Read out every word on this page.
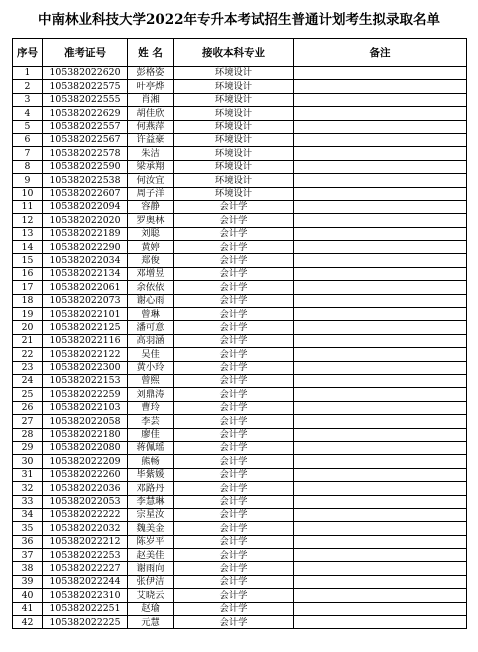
中南林业科技大学2022年专升本考试招生普通计划考生拟录取名单
序号	准考证号	姓 名	接收本科专业	备注
1	105382022620	彭格姿	环境设计	
2	105382022575	叶亭烨	环境设计	
3	105382022555	肖湘	环境设计	
4	105382022629	胡佳欣	环境设计	
5	105382022557	何燕萍	环境设计	
6	105382022567	许益豪	环境设计	
7	105382022578	朱洁	环境设计	
8	105382022590	梁承翔	环境设计	
9	105382022538	何汝宜	环境设计	
10	105382022607	周子洋	环境设计	
11	105382022094	容静	会计学	
12	105382022020	罗奥林	会计学	
13	105382022189	刘聪	会计学	
14	105382022290	黄婷	会计学	
15	105382022034	郑俊	会计学	
16	105382022134	邓增昱	会计学	
17	105382022061	余依依	会计学	
18	105382022073	谢心雨	会计学	
19	105382022101	曾琳	会计学	
20	105382022125	潘可意	会计学	
21	105382022116	高羽涵	会计学	
22	105382022122	吴佳	会计学	
23	105382022300	黄小玲	会计学	
24	105382022153	曾熙	会计学	
25	105382022259	刘鼎涛	会计学	
26	105382022103	曹玲	会计学	
27	105382022058	李芸	会计学	
28	105382022180	廖佳	会计学	
29	105382022080	蒋佩瑶	会计学	
30	105382022209	熊畅	会计学	
31	105382022260	毕紫媛	会计学	
32	105382022036	邓路丹	会计学	
33	105382022053	李慧琳	会计学	
34	105382022222	宗星汝	会计学	
35	105382022032	魏美金	会计学	
36	105382022212	陈岁平	会计学	
37	105382022253	赵美佳	会计学	
38	105382022227	谢雨向	会计学	
39	105382022244	张伊洁	会计学	
40	105382022310	艾晓云	会计学	
41	105382022251	赵瑜	会计学	
42	105382022225	元慧	会计学	
